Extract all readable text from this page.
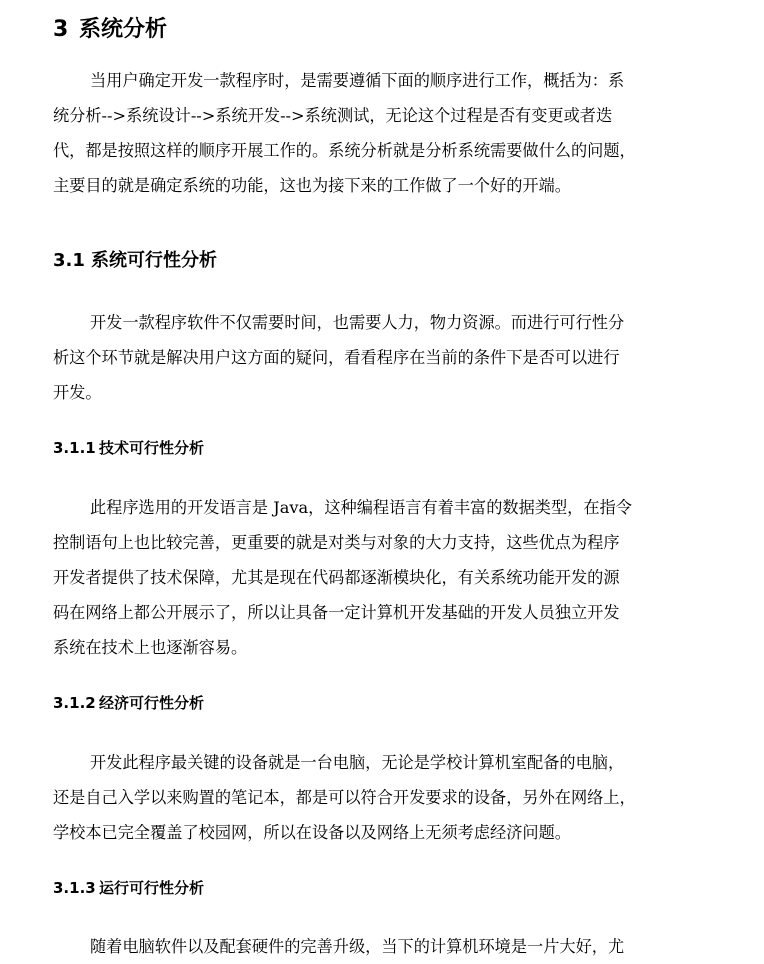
3 系统分析
当用户确定开发一款程序时，是需要遵循下面的顺序进行工作，概括为：系
统分析-->系统设计-->系统开发-->系统测试，无论这个过程是否有变更或者迭
代，都是按照这样的顺序开展工作的。系统分析就是分析系统需要做什么的问题，
主要目的就是确定系统的功能，这也为接下来的工作做了一个好的开端。
3.1 系统可行性分析
开发一款程序软件不仅需要时间，也需要人力，物力资源。而进行可行性分
析这个环节就是解决用户这方面的疑问，看看程序在当前的条件下是否可以进行
开发。
3.1.1 技术可行性分析
此程序选用的开发语言是 Java，这种编程语言有着丰富的数据类型，在指令
控制语句上也比较完善，更重要的就是对类与对象的大力支持，这些优点为程序
开发者提供了技术保障，尤其是现在代码都逐渐模块化，有关系统功能开发的源
码在网络上都公开展示了，所以让具备一定计算机开发基础的开发人员独立开发
系统在技术上也逐渐容易。
3.1.2 经济可行性分析
开发此程序最关键的设备就是一台电脑，无论是学校计算机室配备的电脑，
还是自己入学以来购置的笔记本，都是可以符合开发要求的设备，另外在网络上，
学校本已完全覆盖了校园网，所以在设备以及网络上无须考虑经济问题。
3.1.3 运行可行性分析
随着电脑软件以及配套硬件的完善升级，当下的计算机环境是一片大好，尤
